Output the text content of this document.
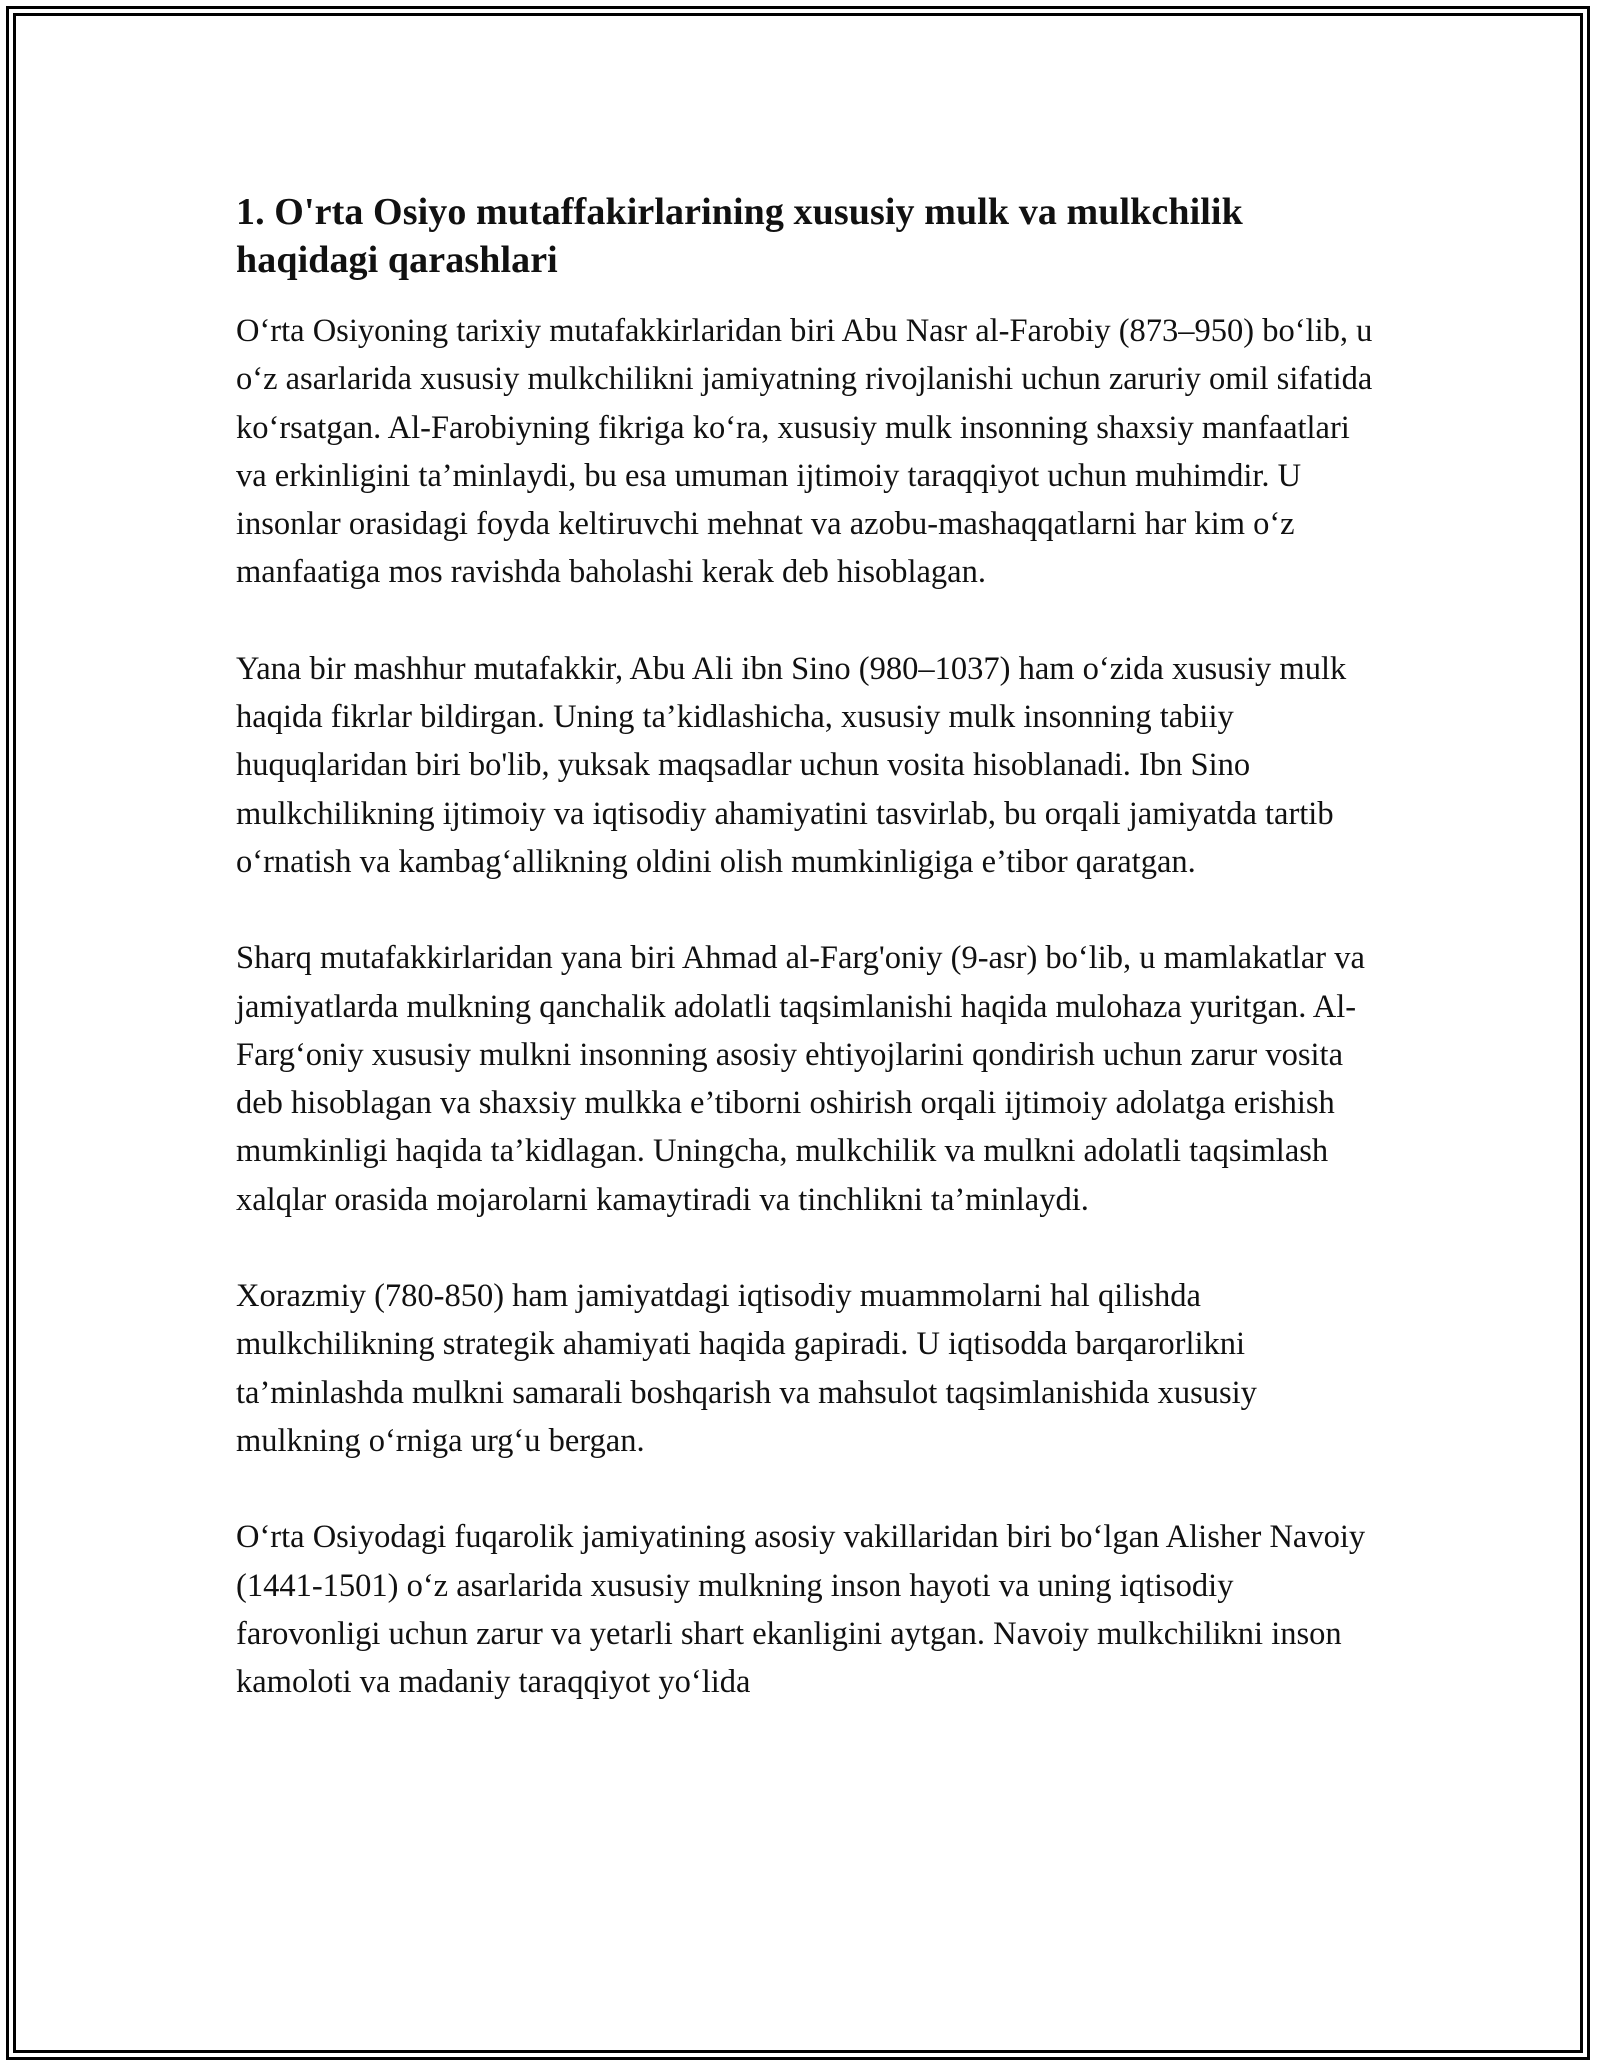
1. O'rta Osiyo mutaffakirlarining xususiy mulk va mulkchilik haqidagi qarashlari

O‘rta Osiyoning tarixiy mutafakkirlaridan biri Abu Nasr al-Farobiy (873–950) bo‘lib, u o‘z asarlarida xususiy mulkchilikni jamiyatning rivojlanishi uchun zaruriy omil sifatida ko‘rsatgan. Al-Farobiyning fikriga ko‘ra, xususiy mulk insonning shaxsiy manfaatlari va erkinligini ta’minlaydi, bu esa umuman ijtimoiy taraqqiyot uchun muhimdir. U insonlar orasidagi foyda keltiruvchi mehnat va azobu-mashaqqatlarni har kim o‘z manfaatiga mos ravishda baholashi kerak deb hisoblagan.

Yana bir mashhur mutafakkir, Abu Ali ibn Sino (980–1037) ham o‘zida xususiy mulk haqida fikrlar bildirgan. Uning ta’kidlashicha, xususiy mulk insonning tabiiy huquqlaridan biri bo'lib, yuksak maqsadlar uchun vosita hisoblanadi. Ibn Sino mulkchilikning ijtimoiy va iqtisodiy ahamiyatini tasvirlab, bu orqali jamiyatda tartib o‘rnatish va kambag‘allikning oldini olish mumkinligiga e’tibor qaratgan.

Sharq mutafakkirlaridan yana biri Ahmad al-Farg'oniy (9-asr) bo‘lib, u mamlakatlar va jamiyatlarda mulkning qanchalik adolatli taqsimlanishi haqida mulohaza yuritgan. Al-Farg‘oniy xususiy mulkni insonning asosiy ehtiyojlarini qondirish uchun zarur vosita deb hisoblagan va shaxsiy mulkka e’tiborni oshirish orqali ijtimoiy adolatga erishish mumkinligi haqida ta’kidlagan. Uningcha, mulkchilik va mulkni adolatli taqsimlash xalqlar orasida mojarolarni kamaytiradi va tinchlikni ta’minlaydi.

Xorazmiy (780-850) ham jamiyatdagi iqtisodiy muammolarni hal qilishda mulkchilikning strategik ahamiyati haqida gapiradi. U iqtisodda barqarorlikni ta’minlashda mulkni samarali boshqarish va mahsulot taqsimlanishida xususiy mulkning o‘rniga urg‘u bergan.

O‘rta Osiyodagi fuqarolik jamiyatining asosiy vakillaridan biri bo‘lgan Alisher Navoiy (1441-1501) o‘z asarlarida xususiy mulkning inson hayoti va uning iqtisodiy farovonligi uchun zarur va yetarli shart ekanligini aytgan. Navoiy mulkchilikni inson kamoloti va madaniy taraqqiyot yo‘lida
